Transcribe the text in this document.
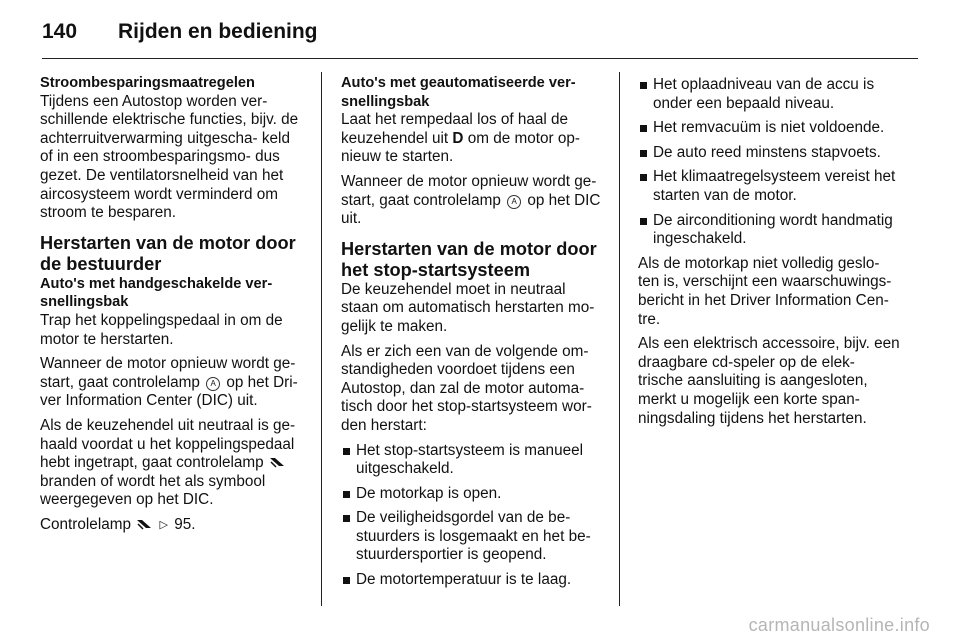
140	Rijden en bediening
Stroombesparingsmaatregelen

Tijdens een Autostop worden ver- schillende elektrische functies, bijv. de achterruitverwarming uitgescha- keld of in een stroombesparingsmo- dus gezet. De ventilatorsnelheid van het aircosysteem wordt verminderd om stroom te besparen.

Herstarten van de motor door de bestuurder
Auto's met handgeschakelde ver- snellingsbak

Trap het koppelingspedaal in om de motor te herstarten.

Wanneer de motor opnieuw wordt ge- start, gaat controlelamp A op het Dri- ver Information Center (DIC) uit.

Als de keuzehendel uit neutraal is ge- haald voordat u het koppelingspedaal hebt ingetrapt, gaat controlelamp  branden of wordt het als symbool weergegeven op het DIC.

Controlelamp	▷ 95.

Auto's met geautomatiseerde ver- snellingsbak

Laat het rempedaal los of haal de keuzehendel uit D om de motor op- nieuw te starten.

Wanneer de motor opnieuw wordt ge- start, gaat controlelamp A op het DIC uit.

Herstarten van de motor door het stop-startsysteem

De keuzehendel moet in neutraal staan om automatisch herstarten mo- gelijk te maken.

Als er zich een van de volgende om- standigheden voordoet tijdens een Autostop, dan zal de motor automa- tisch door het stop-startsysteem wor- den herstart:

Het stop-startsysteem is manueel uitgeschakeld.
De motorkap is open.
De veiligheidsgordel van de be- stuurders is losgemaakt en het be- stuurdersportier is geopend.
De motortemperatuur is te laag.
Het oplaadniveau van de accu is onder een bepaald niveau.
Het remvacuüm is niet voldoende.
De auto reed minstens stapvoets.
Het klimaatregelsysteem vereist het starten van de motor.
De airconditioning wordt handmatig ingeschakeld.

Als de motorkap niet volledig geslo- ten is, verschijnt een waarschuwings- bericht in het Driver Information Cen- tre.

Als een elektrisch accessoire, bijv. een draagbare cd-speler op de elek- trische aansluiting is aangesloten, merkt u mogelijk een korte span- ningsdaling tijdens het herstarten.

carmanualsonline.info
